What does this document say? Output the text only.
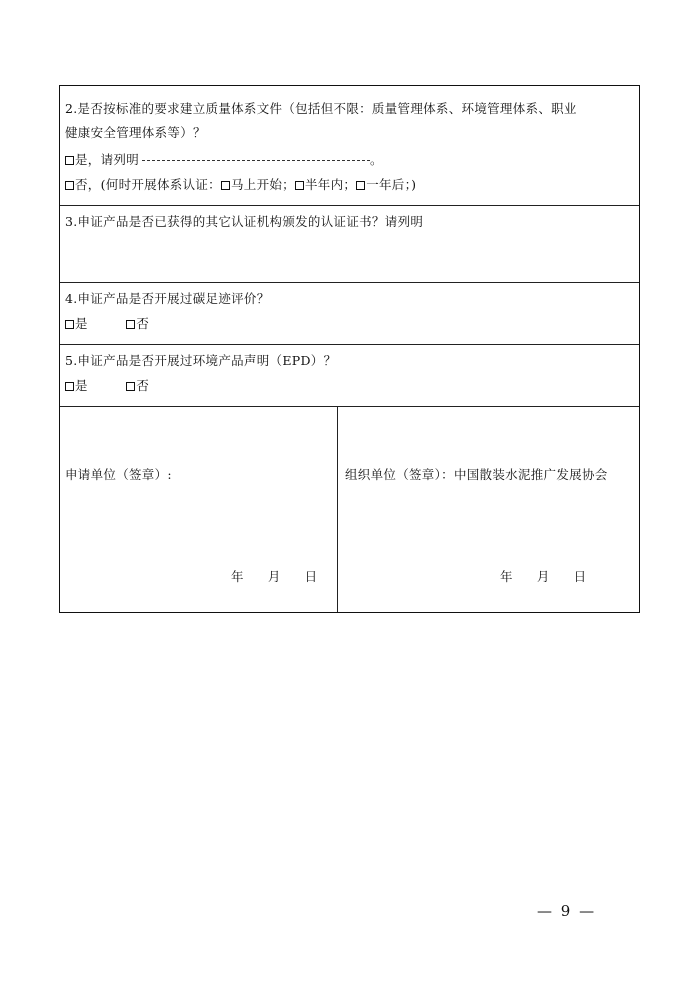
2.是否按标准的要求建立质量体系文件（包括但不限：质量管理体系、环境管理体系、职业
健康安全管理体系等）？
是，请列明	。
否，(何时开展体系认证： 马上开始； 半年内； 一年后；)
3.申证产品是否已获得的其它认证机构颁发的认证证书？请列明
4.申证产品是否开展过碳足迹评价？
是	否
5.申证产品是否开展过环境产品声明（EPD）？
是	否
申请单位（签章）:
年 月 日
组织单位（签章）：中国散装水泥推广发展协会
年 月 日
— 9 —
